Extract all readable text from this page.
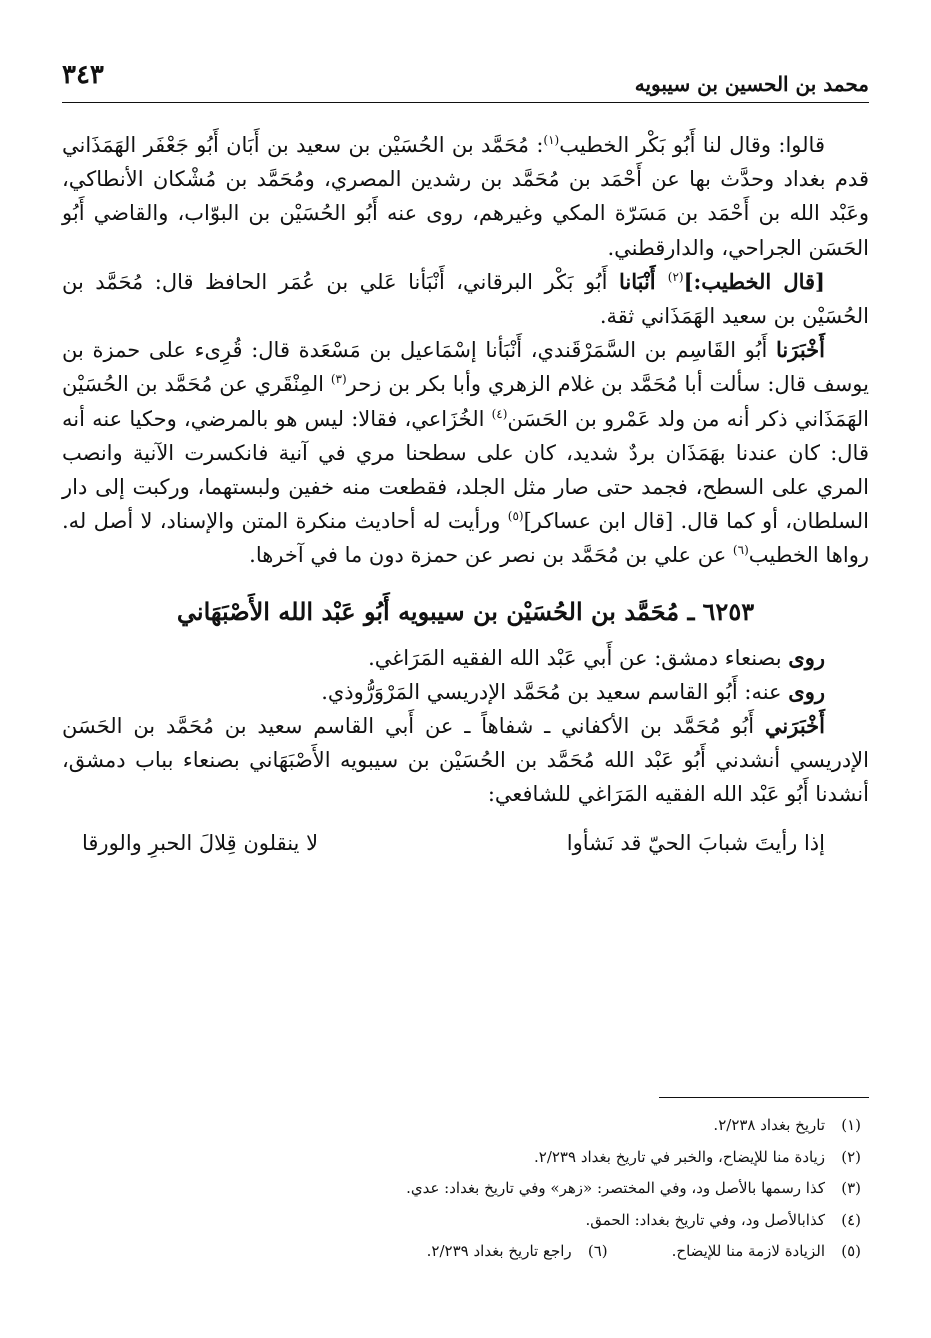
محمد بن الحسين بن سيبويه
٣٤٣

قالوا: وقال لنا أَبُو بَكْر الخطيب$^{(١)}$: مُحَمَّد بن الحُسَيْن بن سعيد بن أَبَان أَبُو جَعْفَر الهَمَذَاني قدم بغداد وحدَّث بها عن أَحْمَد بن مُحَمَّد بن رشدين المصري، ومُحَمَّد بن مُشْكان الأنطاكي، وعَبْد الله بن أَحْمَد بن مَسَرّة المكي وغيرهم، روى عنه أَبُو الحُسَيْن بن البوّاب، والقاضي أَبُو الحَسَن الجراحي، والدارقطني.

[قال الخطيب:]$^{(٢)}$ أَنْبَانا أَبُو بَكْر البرقاني، أَنْبَأنا عَلي بن عُمَر الحافظ قال: مُحَمَّد بن الحُسَيْن بن سعيد الهَمَذَاني ثقة.

أَخْبَرَنا أَبُو القَاسِم بن السَّمَرْقَندي، أَنْبَأنا إسْمَاعيل بن مَسْعَدة قال: قُرِىء على حمزة بن يوسف قال: سألت أبا مُحَمَّد بن غلام الزهري وأبا بكر بن زحر$^{(٣)}$ المِنْقَري عن مُحَمَّد بن الحُسَيْن الهَمَذَاني ذكر أنه من ولد عَمْرو بن الحَسَن$^{(٤)}$ الخُزَاعي، فقالا: ليس هو بالمرضي، وحكيا عنه أنه قال: كان عندنا بهَمَذَان بردٌ شديد، كان على سطحنا مري في آنية فانكسرت الآنية وانصب المري على السطح، فجمد حتى صار مثل الجلد، فقطعت منه خفين ولبستهما، وركبت إلى دار السلطان، أو كما قال. [قال ابن عساكر]$^{(٥)}$ ورأيت له أحاديث منكرة المتن والإسناد، لا أصل له. رواها الخطيب$^{(٦)}$ عن علي بن مُحَمَّد بن نصر عن حمزة دون ما في آخرها.

٦٢٥٣ـ مُحَمَّد بن الحُسَيْن بن سيبويه أَبُو عَبْد الله الأَصْبَهَاني

روى بصنعاء دمشق: عن أَبي عَبْد الله الفقيه المَرَاغي.

روى عنه: أَبُو القاسم سعيد بن مُحَمَّد الإدريسي المَرْوَرُّوذي.

أَخْبَرَني أَبُو مُحَمَّد بن الأكفاني ـ شفاهاً ـ عن أَبي القاسم سعيد بن مُحَمَّد بن الحَسَن الإدريسي أنشدني أَبُو عَبْد الله مُحَمَّد بن الحُسَيْن بن سيبويه الأَصْبَهَاني بصنعاء بباب دمشق، أنشدنا أَبُو عَبْد الله الفقيه المَرَاغي للشافعي:

إذا رأيتَ شبابَ الحيّ قد نَشأوا
لا ينقلون قِلالَ الحبرِ والورقا

(١)
تاريخ بغداد ٢/٢٣٨.
(٢)
زيادة منا للإيضاح، والخبر في تاريخ بغداد ٢/٢٣٩.
(٣)
كذا رسمها بالأصل ود، وفي المختصر: «زهر» وفي تاريخ بغداد: عدي.
(٤)
كذابالأصل ود، وفي تاريخ بغداد: الحمق.
(٥)
الزيادة لازمة منا للإيضاح.
(٦)
راجع تاريخ بغداد ٢/٢٣٩.
